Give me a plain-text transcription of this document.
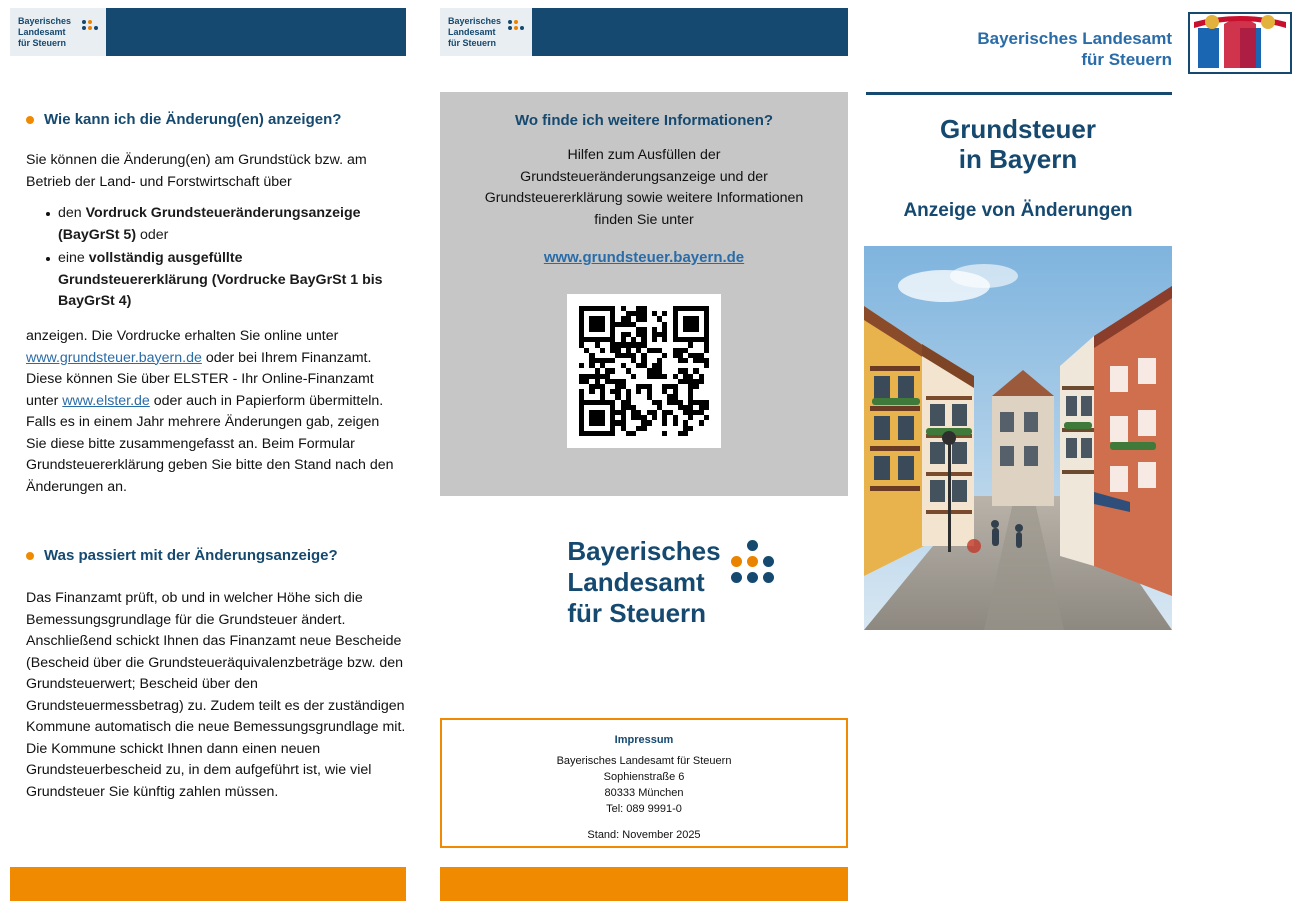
Bayerisches
Landesamt
für Steuern
Bayerisches
Landesamt
für Steuern
Wie kann ich die Änderung(en) anzeigen?
Sie können die Änderung(en) am Grundstück bzw. am Betrieb der Land- und Forstwirtschaft über
den Vordruck Grundsteueränderungsanzeige (BayGrSt 5) oder
eine vollständig ausgefüllte Grundsteuererklärung (Vordrucke BayGrSt 1 bis BayGrSt 4)
anzeigen. Die Vordrucke erhalten Sie online unter www.grundsteuer.bayern.de oder bei Ihrem Finanzamt. Diese können Sie über ELSTER - Ihr Online-Finanzamt unter www.elster.de oder auch in Papierform übermitteln. Falls es in einem Jahr mehrere Änderungen gab, zeigen Sie diese bitte zusammengefasst an. Beim Formular Grundsteuererklärung geben Sie bitte den Stand nach den Änderungen an.
Was passiert mit der Änderungsanzeige?
Das Finanzamt prüft, ob und in welcher Höhe sich die Bemessungsgrundlage für die Grundsteuer ändert. Anschließend schickt Ihnen das Finanzamt neue Bescheide (Bescheid über die Grundsteueräquivalenzbeträge bzw. den Grundsteuerwert; Bescheid über den Grundsteuermessbetrag) zu. Zudem teilt es der zuständigen Kommune automatisch die neue Bemessungsgrundlage mit.
Die Kommune schickt Ihnen dann einen neuen Grundsteuerbescheid zu, in dem aufgeführt ist, wie viel Grundsteuer Sie künftig zahlen müssen.
Wo finde ich weitere Informationen?
Hilfen zum Ausfüllen der Grundsteueränderungsanzeige und der Grundsteuererklärung sowie weitere Informationen finden Sie unter
www.grundsteuer.bayern.de
Bayerisches
Landesamt
für Steuern
Impressum
Bayerisches Landesamt für Steuern
Sophienstraße 6
80333 München
Tel: 089 9991-0
Stand: November 2025
Bayerisches Landesamt
für Steuern
Grundsteuer
in Bayern
Anzeige von Änderungen
